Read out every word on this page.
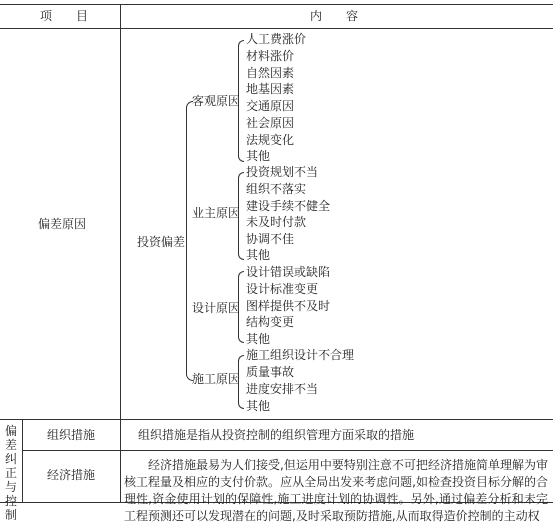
项　　目	内　　容
偏差原因
投资偏差
客观原因
业主原因
设计原因
施工原因
人工费涨价
材料涨价
自然因素
地基因素
交通原因
社会原因
法规变化
其他
投资规划不当
组织不落实
建设手续不健全
未及时付款
协调不佳
其他
设计错误或缺陷
设计标准变更
图样提供不及时
结构变更
其他
施工组织设计不合理
质量事故
进度安排不当
其他
偏差纠正与控制
组织措施	组织措施是指从投资控制的组织管理方面采取的措施
经济措施
经济措施最易为人们接受,但运用中要特别注意不可把经济措施简单理解为审核工程量及相应的支付价款。应从全局出发来考虑问题,如检查投资目标分解的合理性,资金使用计划的保障性,施工进度计划的协调性。另外,通过偏差分析和未完工程预测还可以发现潜在的问题,及时采取预防措施,从而取得造价控制的主动权
